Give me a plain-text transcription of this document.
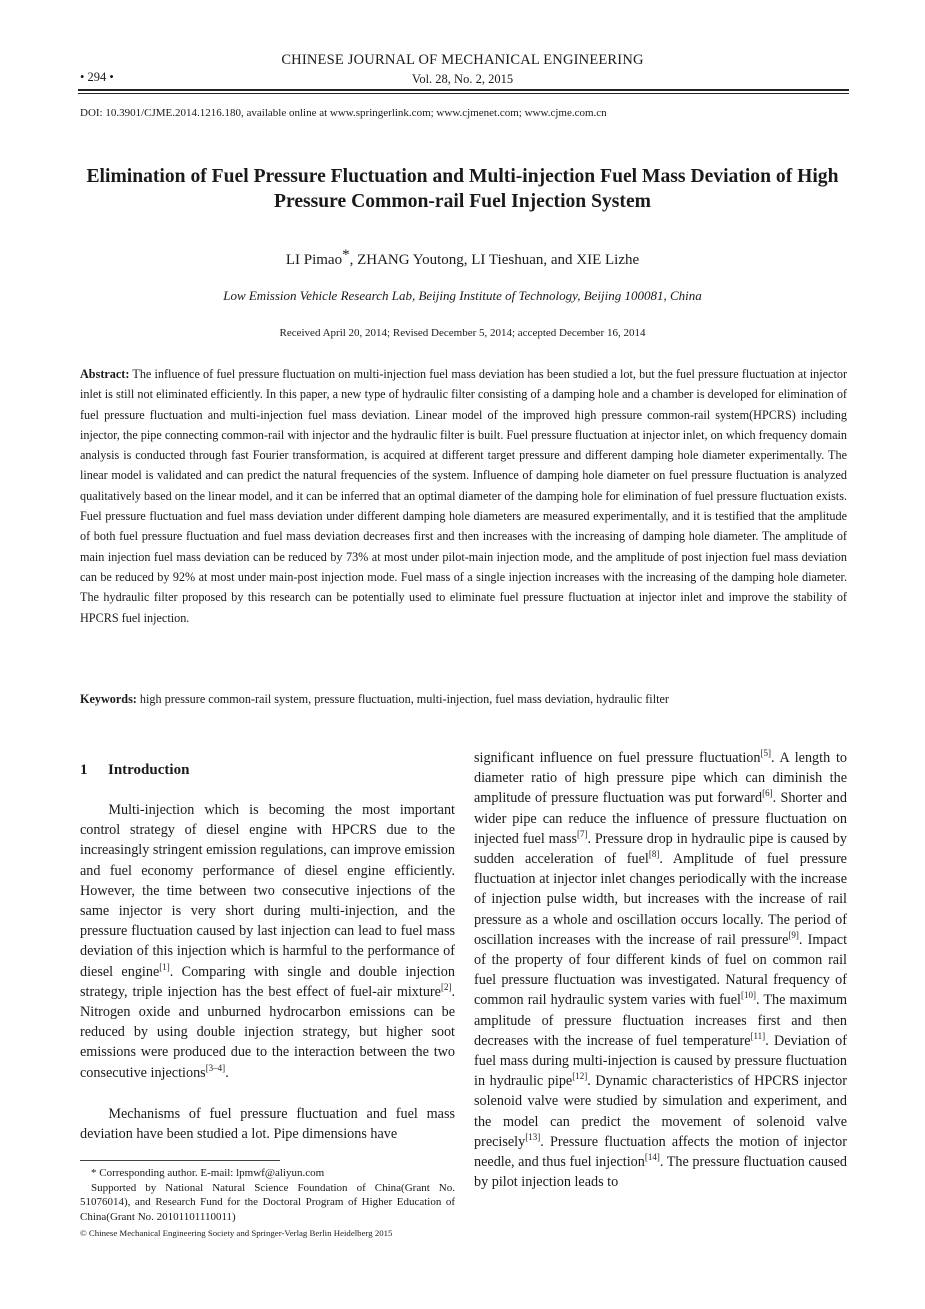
CHINESE JOURNAL OF MECHANICAL ENGINEERING
• 294 •	Vol. 28, No. 2, 2015
DOI: 10.3901/CJME.2014.1216.180, available online at www.springerlink.com; www.cjmenet.com; www.cjme.com.cn
Elimination of Fuel Pressure Fluctuation and Multi-injection Fuel Mass Deviation of High Pressure Common-rail Fuel Injection System
LI Pimao*, ZHANG Youtong, LI Tieshuan, and XIE Lizhe
Low Emission Vehicle Research Lab, Beijing Institute of Technology, Beijing 100081, China
Received April 20, 2014; Revised December 5, 2014; accepted December 16, 2014
Abstract: The influence of fuel pressure fluctuation on multi-injection fuel mass deviation has been studied a lot, but the fuel pressure fluctuation at injector inlet is still not eliminated efficiently. In this paper, a new type of hydraulic filter consisting of a damping hole and a chamber is developed for elimination of fuel pressure fluctuation and multi-injection fuel mass deviation. Linear model of the improved high pressure common-rail system(HPCRS) including injector, the pipe connecting common-rail with injector and the hydraulic filter is built. Fuel pressure fluctuation at injector inlet, on which frequency domain analysis is conducted through fast Fourier transformation, is acquired at different target pressure and different damping hole diameter experimentally. The linear model is validated and can predict the natural frequencies of the system. Influence of damping hole diameter on fuel pressure fluctuation is analyzed qualitatively based on the linear model, and it can be inferred that an optimal diameter of the damping hole for elimination of fuel pressure fluctuation exists. Fuel pressure fluctuation and fuel mass deviation under different damping hole diameters are measured experimentally, and it is testified that the amplitude of both fuel pressure fluctuation and fuel mass deviation decreases first and then increases with the increasing of damping hole diameter. The amplitude of main injection fuel mass deviation can be reduced by 73% at most under pilot-main injection mode, and the amplitude of post injection fuel mass deviation can be reduced by 92% at most under main-post injection mode. Fuel mass of a single injection increases with the increasing of the damping hole diameter. The hydraulic filter proposed by this research can be potentially used to eliminate fuel pressure fluctuation at injector inlet and improve the stability of HPCRS fuel injection.
Keywords: high pressure common-rail system, pressure fluctuation, multi-injection, fuel mass deviation, hydraulic filter
1 Introduction
Multi-injection which is becoming the most important control strategy of diesel engine with HPCRS due to the increasingly stringent emission regulations, can improve emission and fuel economy performance of diesel engine efficiently. However, the time between two consecutive injections of the same injector is very short during multi-injection, and the pressure fluctuation caused by last injection can lead to fuel mass deviation of this injection which is harmful to the performance of diesel engine[1]. Comparing with single and double injection strategy, triple injection has the best effect of fuel-air mixture[2]. Nitrogen oxide and unburned hydrocarbon emissions can be reduced by using double injection strategy, but higher soot emissions were produced due to the interaction between the two consecutive injections[3–4].
Mechanisms of fuel pressure fluctuation and fuel mass deviation have been studied a lot. Pipe dimensions have

* Corresponding author. E-mail: lpmwf@aliyun.com

Supported by National Natural Science Foundation of China(Grant No. 51076014), and Research Fund for the Doctoral Program of Higher Education of China(Grant No. 20101101110011)

© Chinese Mechanical Engineering Society and Springer-Verlag Berlin Heidelberg 2015
significant influence on fuel pressure fluctuation[5]. A length to diameter ratio of high pressure pipe which can diminish the amplitude of pressure fluctuation was put forward[6]. Shorter and wider pipe can reduce the influence of pressure fluctuation on injected fuel mass[7]. Pressure drop in hydraulic pipe is caused by sudden acceleration of fuel[8]. Amplitude of fuel pressure fluctuation at injector inlet changes periodically with the increase of injection pulse width, but increases with the increase of rail pressure as a whole and oscillation occurs locally. The period of oscillation increases with the increase of rail pressure[9]. Impact of the property of four different kinds of fuel on common rail fuel pressure fluctuation was investigated. Natural frequency of common rail hydraulic system varies with fuel[10]. The maximum amplitude of pressure fluctuation increases first and then decreases with the increase of fuel temperature[11]. Deviation of fuel mass during multi-injection is caused by pressure fluctuation in hydraulic pipe[12]. Dynamic characteristics of HPCRS injector solenoid valve were studied by simulation and experiment, and the model can predict the movement of solenoid valve precisely[13]. Pressure fluctuation affects the motion of injector needle, and thus fuel injection[14]. The pressure fluctuation caused by pilot injection leads to
